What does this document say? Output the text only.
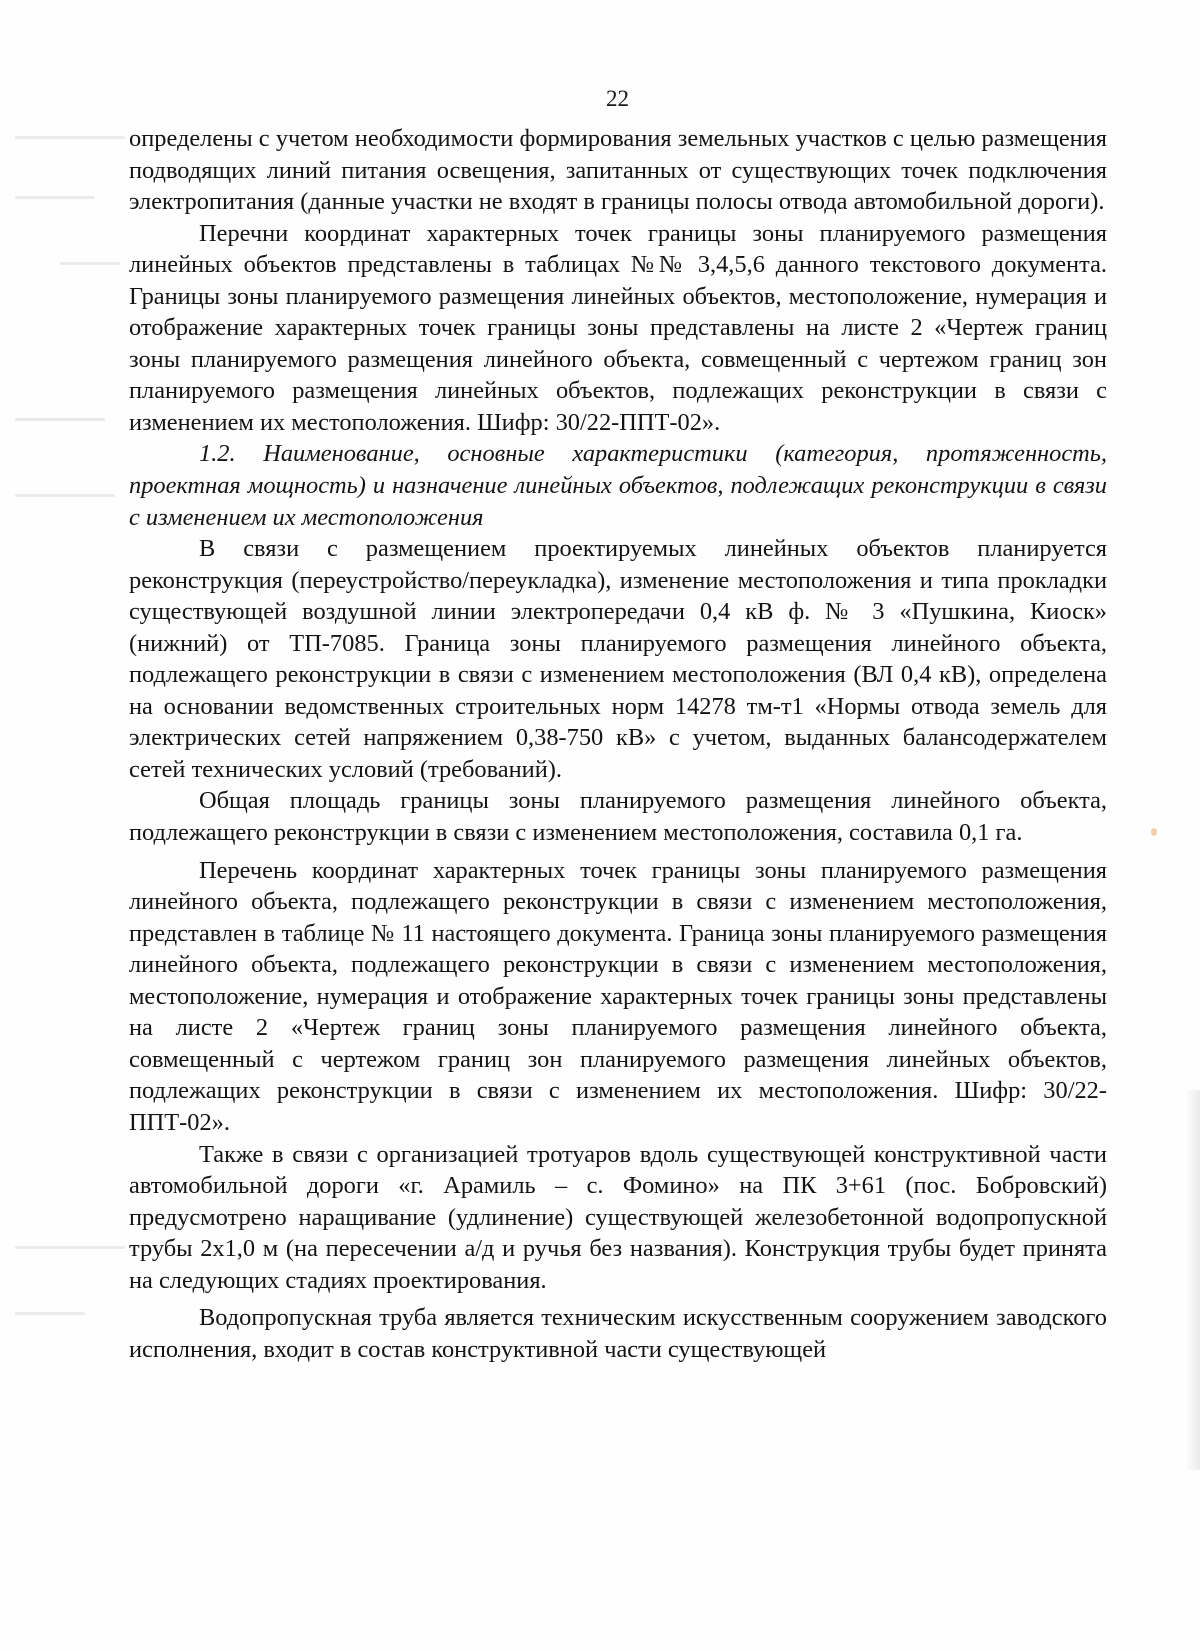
22

определены с учетом необходимости формирования земельных участков с целью размещения подводящих линий питания освещения, запитанных от существующих точек подключения электропитания (данные участки не входят в границы полосы отвода автомобильной дороги).

Перечни координат характерных точек границы зоны планируемого размещения линейных объектов представлены в таблицах №№ 3,4,5,6 данного текстового документа. Границы зоны планируемого размещения линейных объектов, местоположение, нумерация и отображение характерных точек границы зоны представлены на листе 2 «Чертеж границ зоны планируемого размещения линейного объекта, совмещенный с чертежом границ зон планируемого размещения линейных объектов, подлежащих реконструкции в связи с изменением их местоположения. Шифр: 30/22-ППТ-02».

1.2. Наименование, основные характеристики (категория, протяженность, проектная мощность) и назначение линейных объектов, подлежащих реконструкции в связи с изменением их местоположения

В связи с размещением проектируемых линейных объектов планируется реконструкция (переустройство/переукладка), изменение местоположения и типа прокладки существующей воздушной линии электропередачи 0,4 кВ ф. № 3 «Пушкина, Киоск» (нижний) от ТП-7085. Граница зоны планируемого размещения линейного объекта, подлежащего реконструкции в связи с изменением местоположения (ВЛ 0,4 кВ), определена на основании ведомственных строительных норм 14278 тм-т1 «Нормы отвода земель для электрических сетей напряжением 0,38-750 кВ» с учетом, выданных балансодержателем сетей технических условий (требований).

Общая площадь границы зоны планируемого размещения линейного объекта, подлежащего реконструкции в связи с изменением местоположения, составила 0,1 га.

Перечень координат характерных точек границы зоны планируемого размещения линейного объекта, подлежащего реконструкции в связи с изменением местоположения, представлен в таблице № 11 настоящего документа. Граница зоны планируемого размещения линейного объекта, подлежащего реконструкции в связи с изменением местоположения, местоположение, нумерация и отображение характерных точек границы зоны представлены на листе 2 «Чертеж границ зоны планируемого размещения линейного объекта, совмещенный с чертежом границ зон планируемого размещения линейных объектов, подлежащих реконструкции в связи с изменением их местоположения. Шифр: 30/22-ППТ-02».

Также в связи с организацией тротуаров вдоль существующей конструктивной части автомобильной дороги «г. Арамиль – с. Фомино» на ПК 3+61 (пос. Бобровский) предусмотрено наращивание (удлинение) существующей железобетонной водопропускной трубы 2х1,0 м (на пересечении а/д и ручья без названия). Конструкция трубы будет принята на следующих стадиях проектирования.

Водопропускная труба является техническим искусственным сооружением заводского исполнения, входит в состав конструктивной части существующей
